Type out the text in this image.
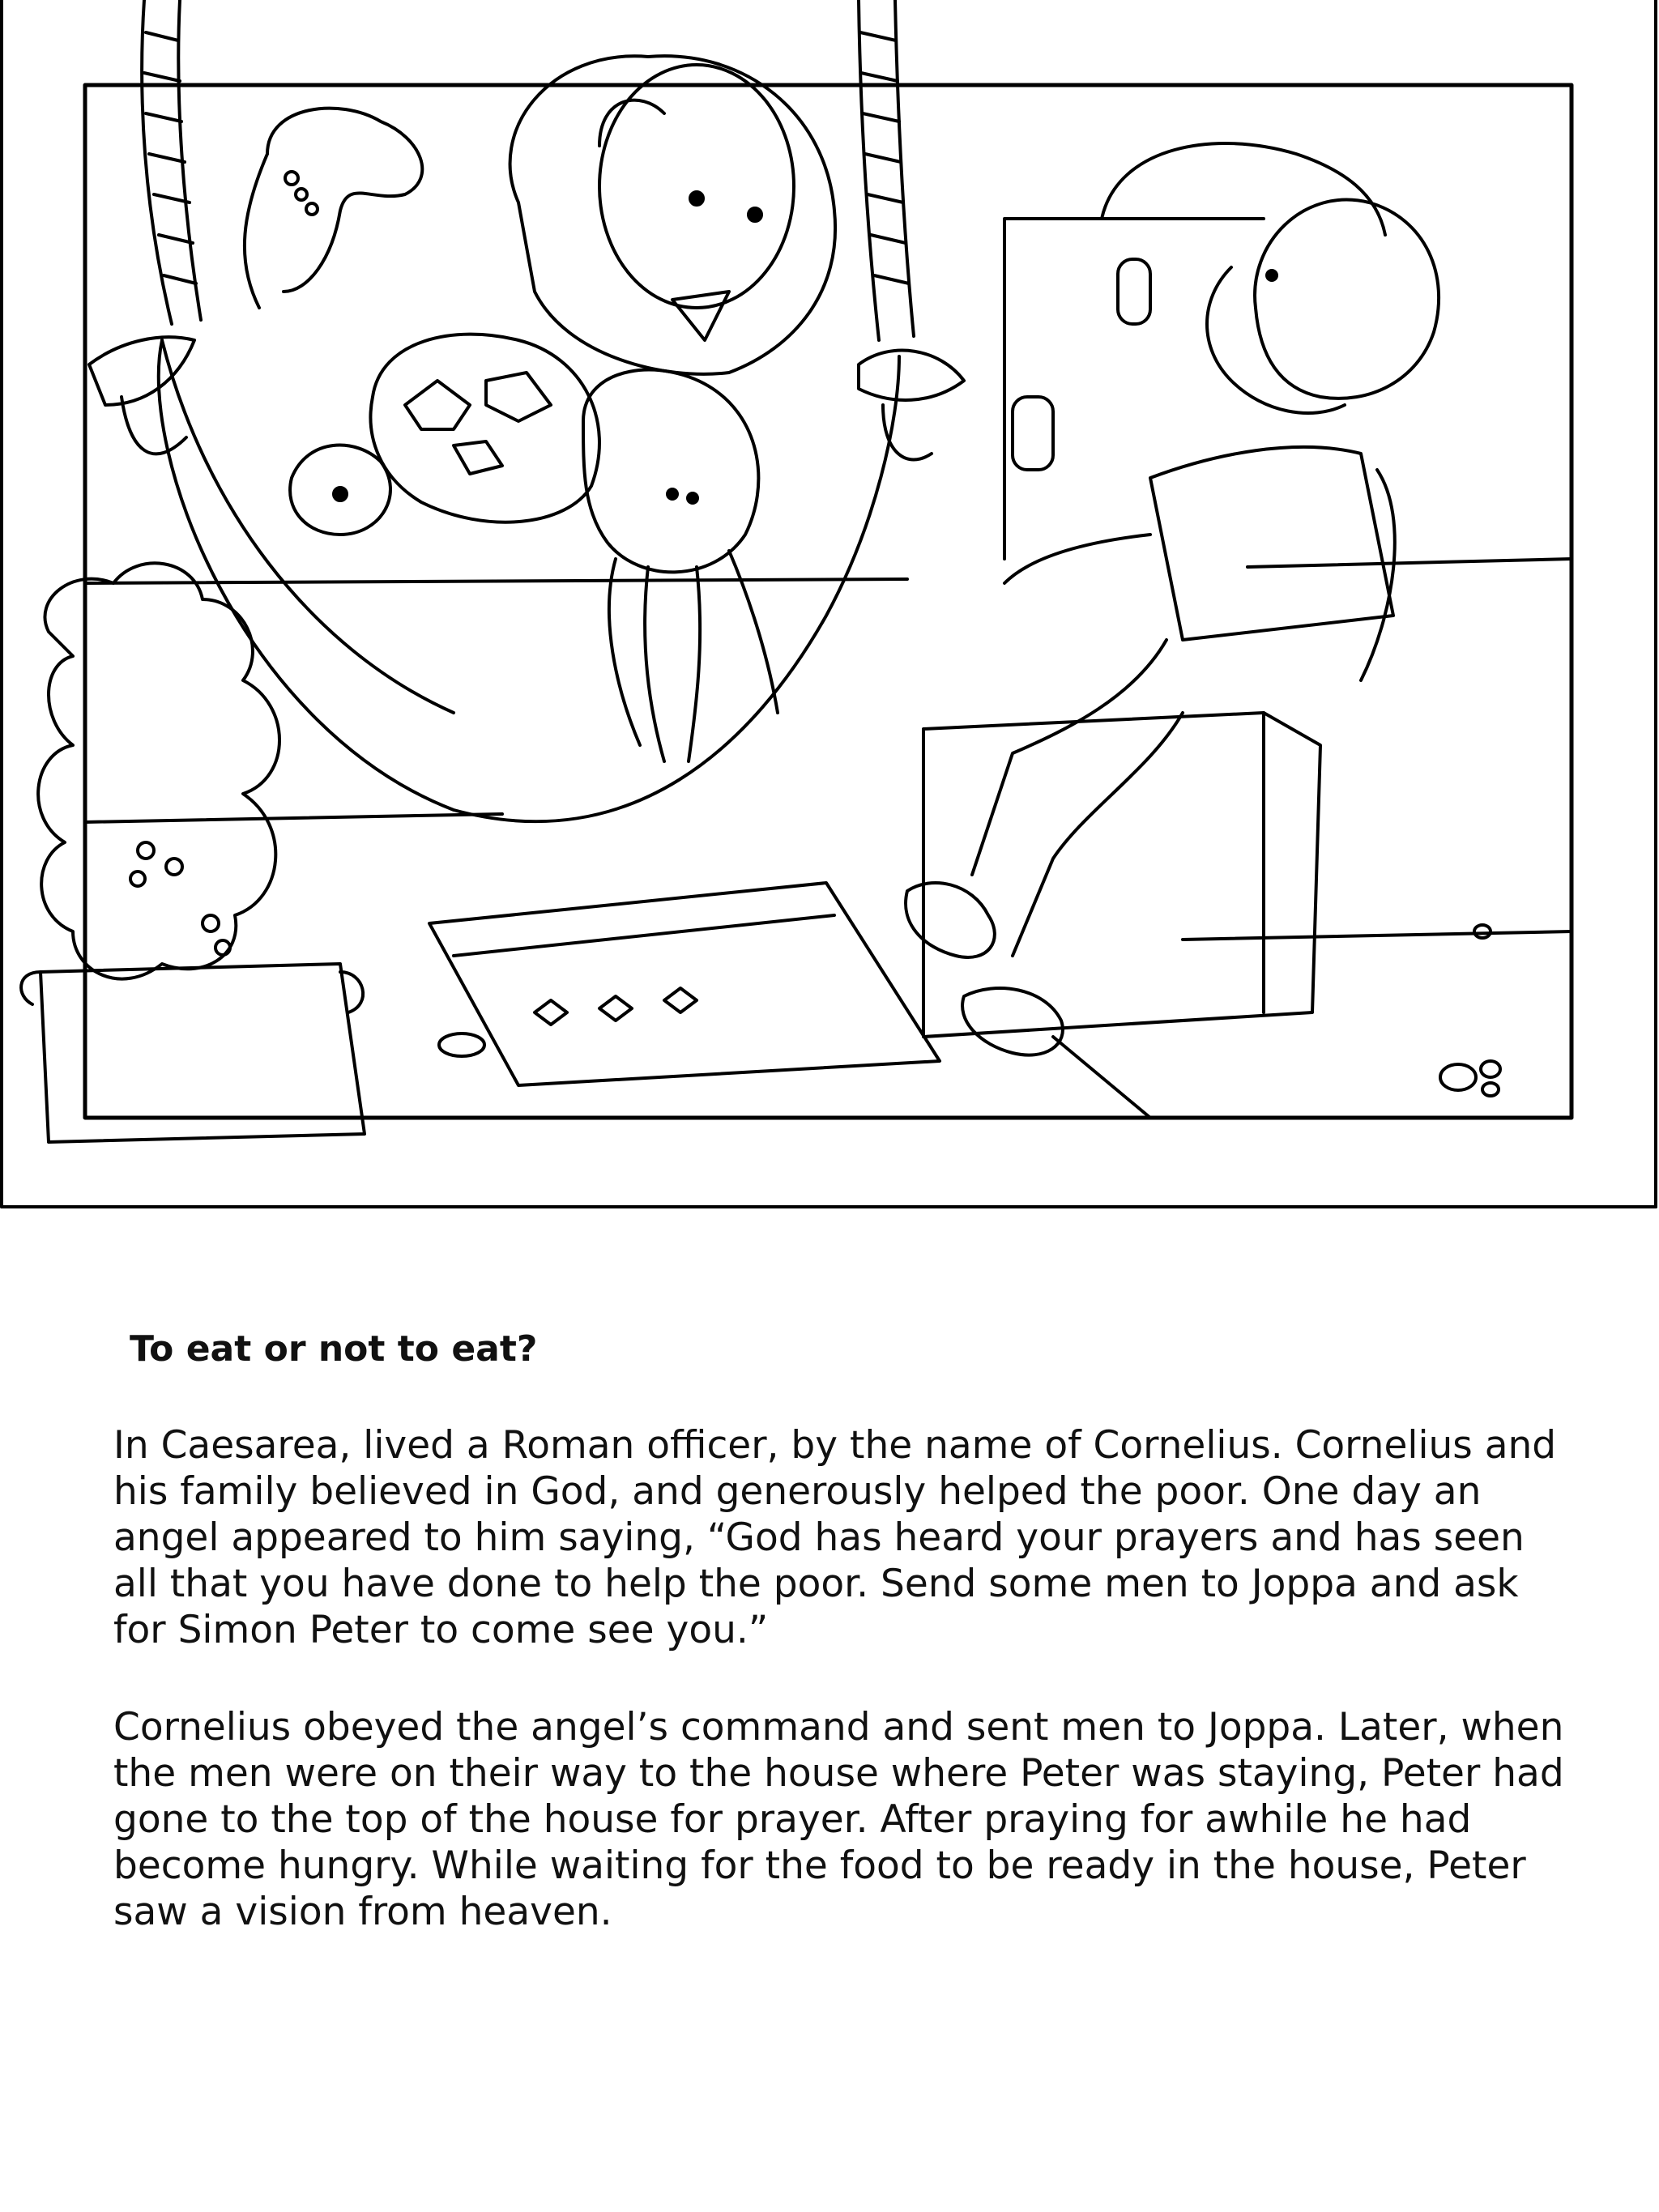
To eat or not to eat?

In Caesarea, lived a Roman officer, by the name of Cornelius. Cornelius and his family believed in God, and generously helped the poor. One day an angel appeared to him saying, “God has heard your prayers and has seen all that you have done to help the poor. Send some men to Joppa and ask for Simon Peter to come see you.”

Cornelius obeyed the angel’s command and sent men to Joppa. Later, when the men were on their way to the house where Peter was staying, Peter had gone to the top of the house for prayer. After praying for awhile he had become hungry. While waiting for the food to be ready in the house, Peter saw a vision from heaven.
